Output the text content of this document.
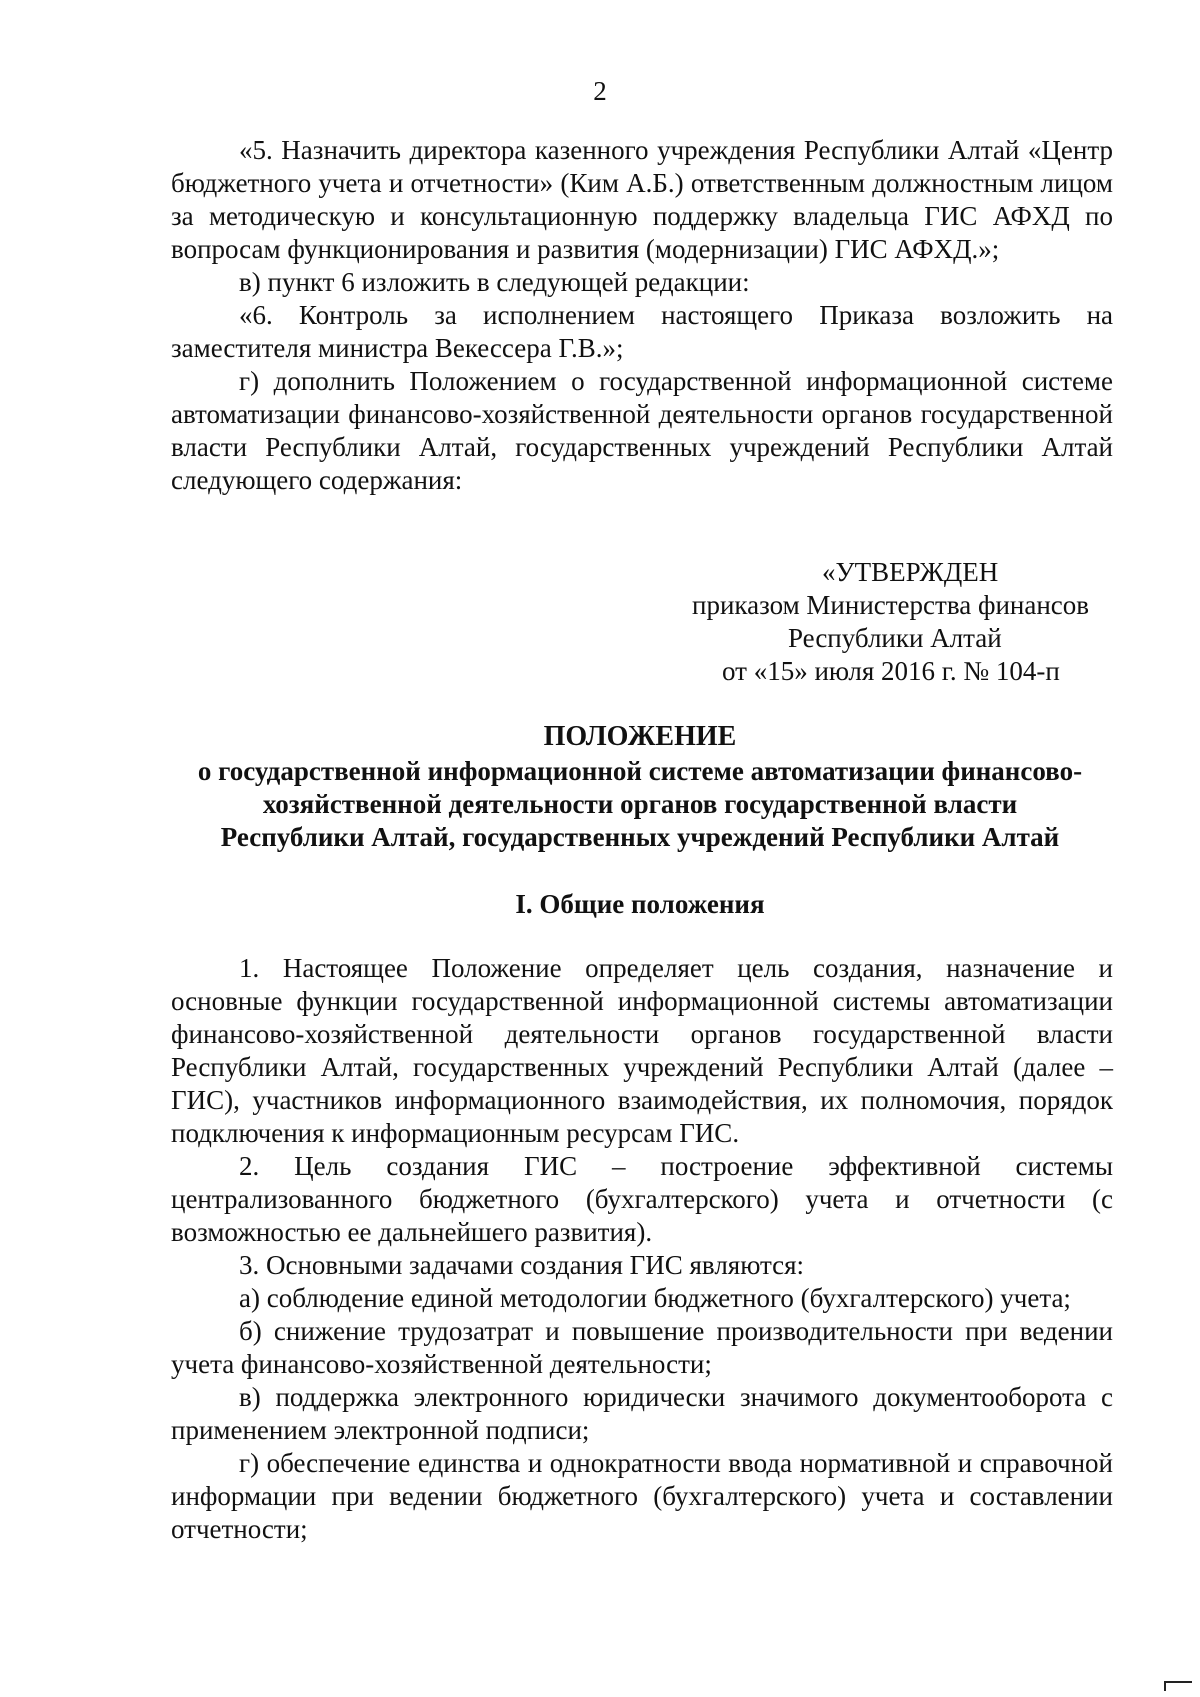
2

«5. Назначить директора казенного учреждения Республики Алтай «Центр бюджетного учета и отчетности» (Ким А.Б.) ответственным должностным лицом за методическую и консультационную поддержку владельца ГИС АФХД по вопросам функционирования и развития (модернизации) ГИС АФХД.»;

в) пункт 6 изложить в следующей редакции:

«6. Контроль за исполнением настоящего Приказа возложить на заместителя министра Векессера Г.В.»;

г) дополнить Положением о государственной информационной системе автоматизации финансово-хозяйственной деятельности органов государственной власти Республики Алтай, государственных учреждений Республики Алтай следующего содержания:

«УТВЕРЖДЕН
приказом Министерства финансов
Республики Алтай
от «15» июля 2016 г. № 104-п
ПОЛОЖЕНИЕ
о государственной информационной системе автоматизации финансово-
хозяйственной деятельности органов государственной власти
Республики Алтай, государственных учреждений Республики Алтай
I. Общие положения

1. Настоящее Положение определяет цель создания, назначение и основные функции государственной информационной системы автоматизации финансово-хозяйственной деятельности органов государственной власти Республики Алтай, государственных учреждений Республики Алтай (далее – ГИС), участников информационного взаимодействия, их полномочия, порядок подключения к информационным ресурсам ГИС.

2. Цель создания ГИС – построение эффективной системы централизованного бюджетного (бухгалтерского) учета и отчетности (с возможностью ее дальнейшего развития).

3. Основными задачами создания ГИС являются:

а) соблюдение единой методологии бюджетного (бухгалтерского) учета;

б) снижение трудозатрат и повышение производительности при ведении учета финансово-хозяйственной деятельности;

в) поддержка электронного юридически значимого документооборота с применением электронной подписи;

г) обеспечение единства и однократности ввода нормативной и справочной информации при ведении бюджетного (бухгалтерского) учета и составлении отчетности;
